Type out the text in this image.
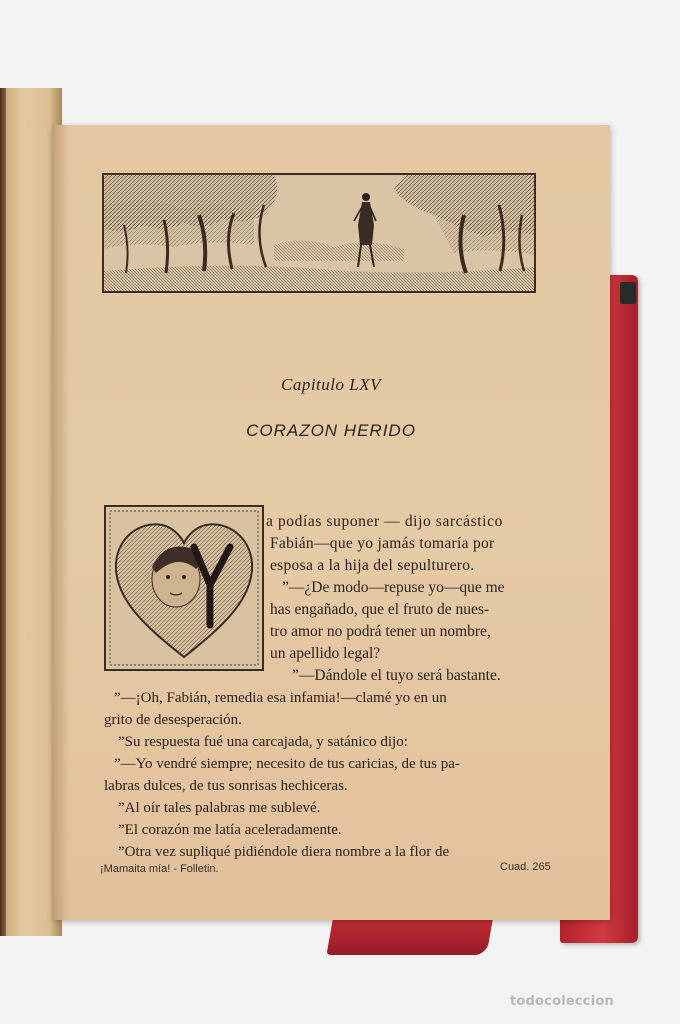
Capitulo LXV
CORAZON HERIDO
a podías suponer — dijo sarcástico
Fabián—que yo jamás tomaría por
esposa a la hija del sepulturero.
”—¿De modo—repuse yo—que me
has engañado, que el fruto de nues-
tro amor no podrá tener un nombre,
un apellido legal?
”—Dándole el tuyo será bastante.
”—¡Oh, Fabián, remedia esa infamia!—clamé yo en un
grito de desesperación.
”Su respuesta fué una carcajada, y satánico dijo:
”—Yo vendré siempre; necesito de tus caricias, de tus pa-
labras dulces, de tus sonrisas hechiceras.
”Al oír tales palabras me sublevé.
”El corazón me latía aceleradamente.
”Otra vez supliqué pidiéndole diera nombre a la flor de
¡Mamaita mía! - Folletin.	Cuad. 265
todocoleccion
